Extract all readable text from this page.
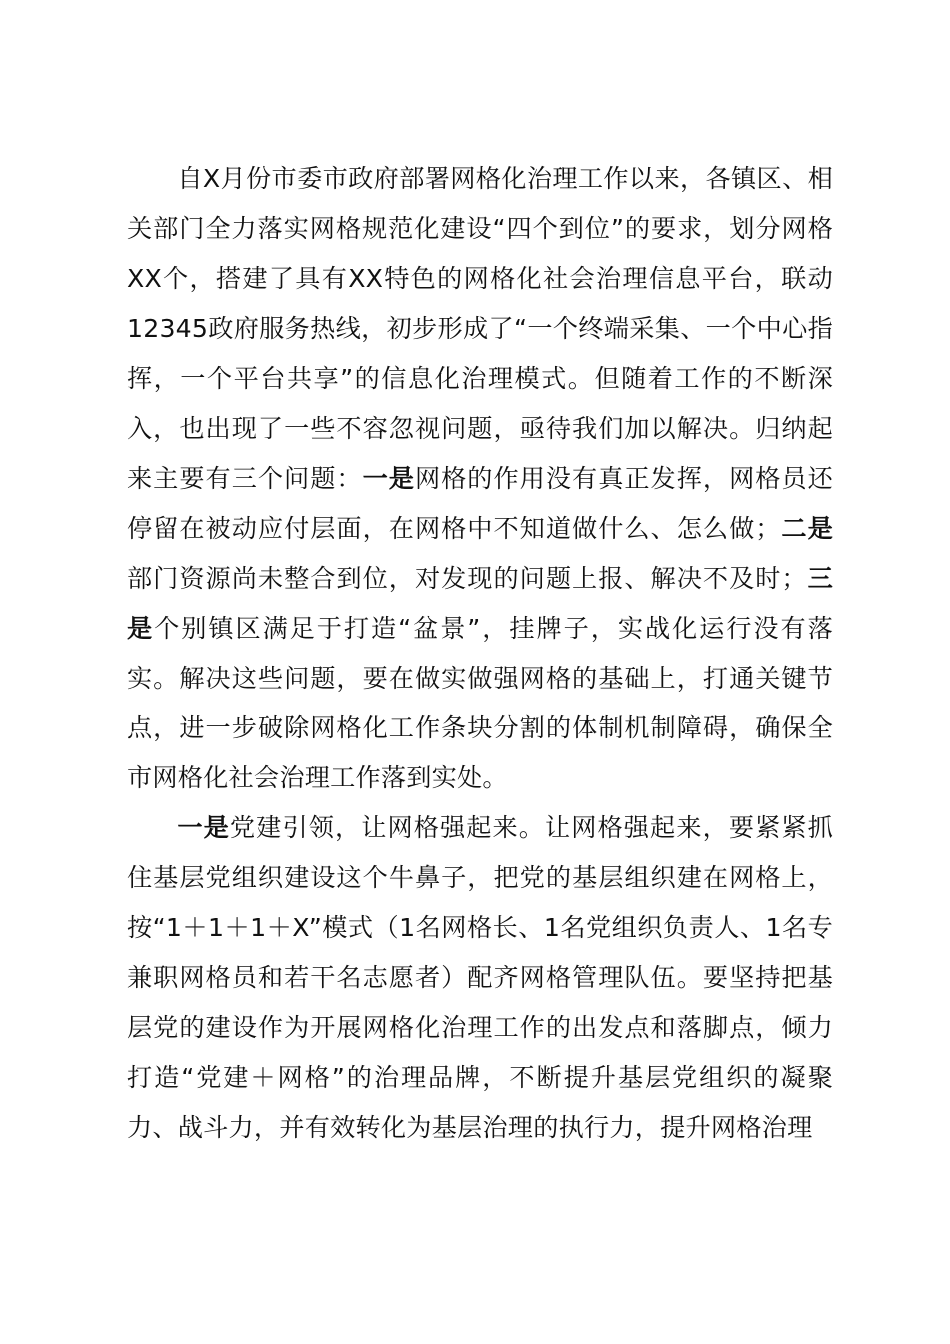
自X月份市委市政府部署网格化治理工作以来，各镇区、相关部门全力落实网格规范化建设“四个到位”的要求，划分网格XX个，搭建了具有XX特色的网格化社会治理信息平台，联动12345政府服务热线，初步形成了“一个终端采集、一个中心指挥，一个平台共享”的信息化治理模式。但随着工作的不断深入，也出现了一些不容忽视问题，亟待我们加以解决。归纳起来主要有三个问题：一是网格的作用没有真正发挥，网格员还停留在被动应付层面，在网格中不知道做什么、怎么做；二是部门资源尚未整合到位，对发现的问题上报、解决不及时；三是个别镇区满足于打造“盆景”，挂牌子，实战化运行没有落实。解决这些问题，要在做实做强网格的基础上，打通关键节点，进一步破除网格化工作条块分割的体制机制障碍，确保全市网格化社会治理工作落到实处。

一是党建引领，让网格强起来。让网格强起来，要紧紧抓住基层党组织建设这个牛鼻子，把党的基层组织建在网格上，按“1＋1＋1＋X”模式（1名网格长、1名党组织负责人、1名专兼职网格员和若干名志愿者）配齐网格管理队伍。要坚持把基层党的建设作为开展网格化治理工作的出发点和落脚点，倾力打造“党建＋网格”的治理品牌，不断提升基层党组织的凝聚力、战斗力，并有效转化为基层治理的执行力，提升网格治理
